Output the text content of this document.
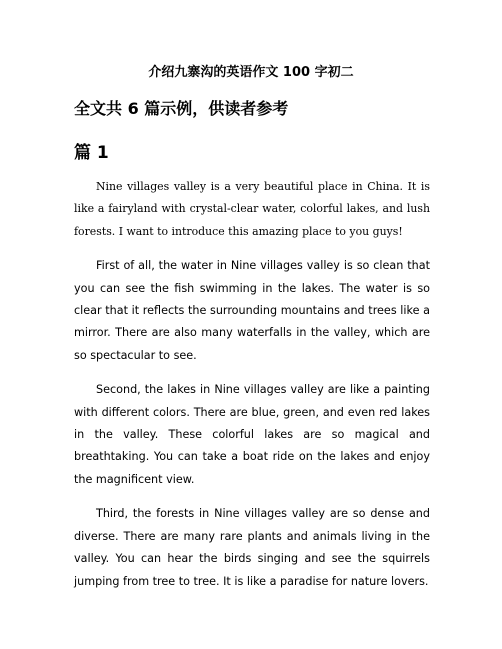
介绍九寨沟的英语作文 100 字初二
全文共 6 篇示例，供读者参考
篇 1

Nine villages valley is a very beautiful place in China. It is like a fairyland with crystal-clear water, colorful lakes, and lush forests. I want to introduce this amazing place to you guys!

First of all, the water in Nine villages valley is so clean that you can see the fish swimming in the lakes. The water is so clear that it reflects the surrounding mountains and trees like a mirror. There are also many waterfalls in the valley, which are so spectacular to see.

Second, the lakes in Nine villages valley are like a painting with different colors. There are blue, green, and even red lakes in the valley. These colorful lakes are so magical and breathtaking. You can take a boat ride on the lakes and enjoy the magnificent view.

Third, the forests in Nine villages valley are so dense and diverse. There are many rare plants and animals living in the valley. You can hear the birds singing and see the squirrels jumping from tree to tree. It is like a paradise for nature lovers.
